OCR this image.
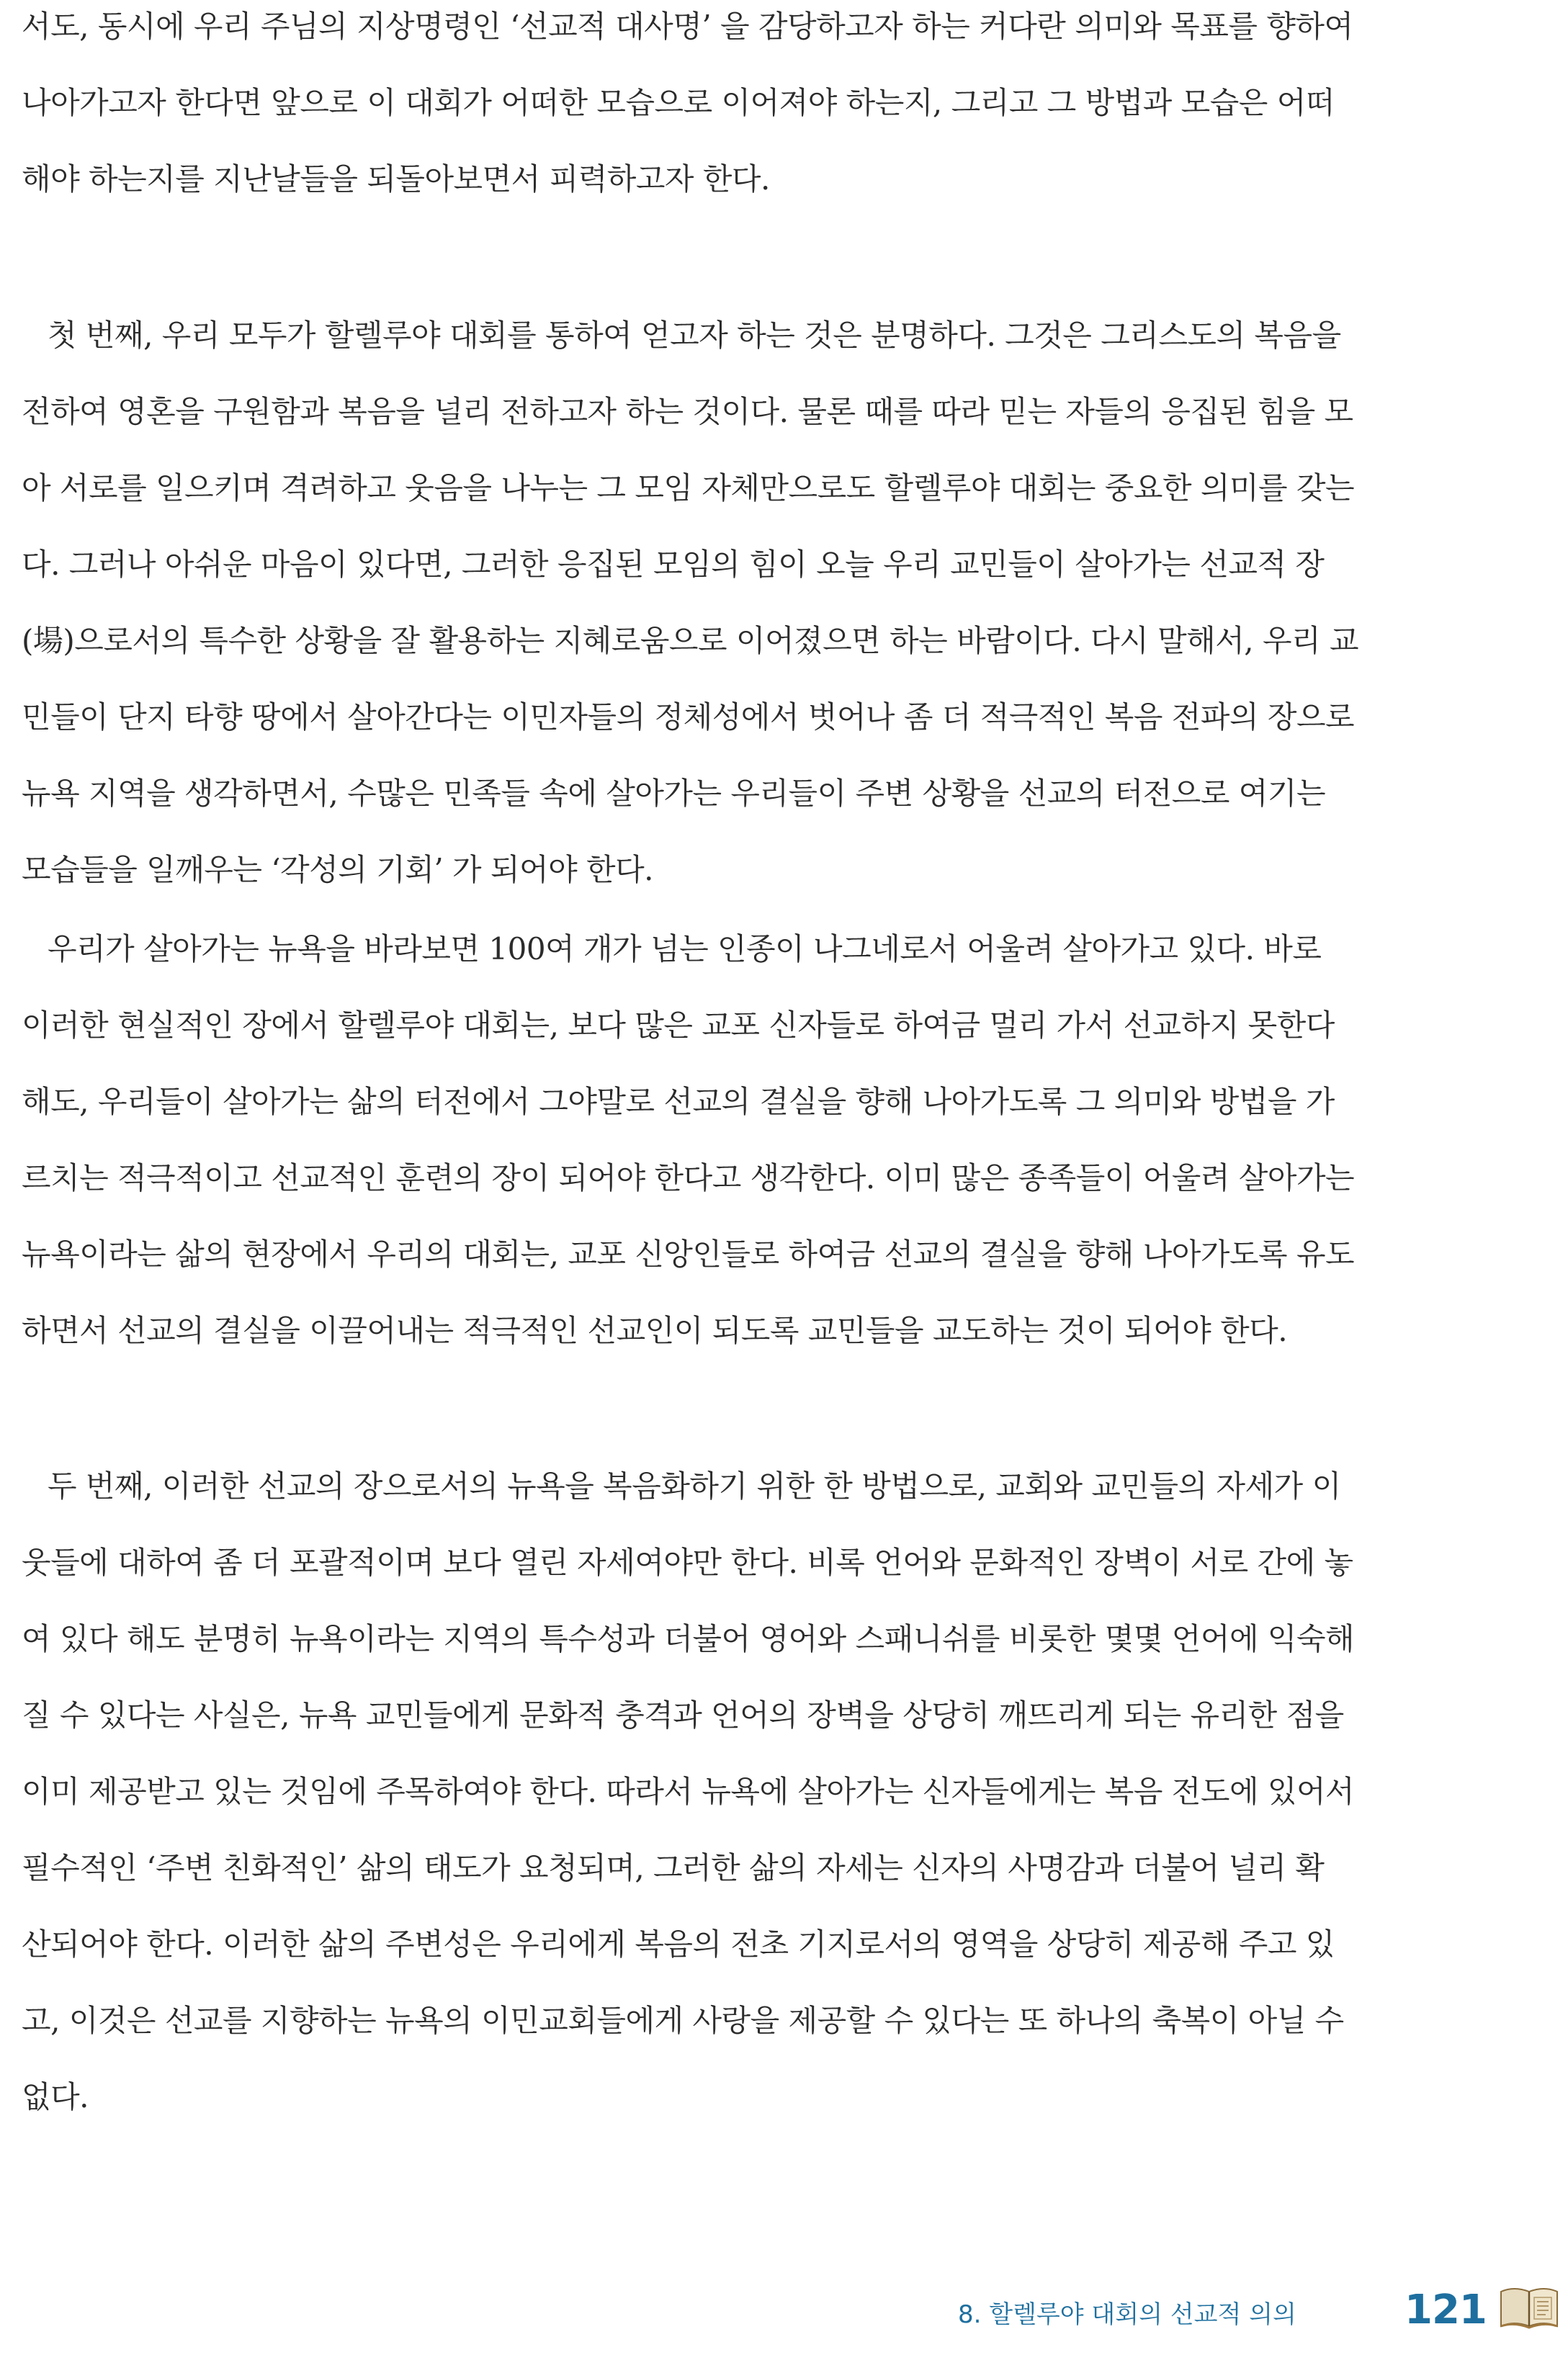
서도, 동시에 우리 주님의 지상명령인 ‘선교적 대사명’ 을 감당하고자 하는 커다란 의미와 목표를 향하여
나아가고자 한다면 앞으로 이 대회가 어떠한 모습으로 이어져야 하는지, 그리고 그 방법과 모습은 어떠
해야 하는지를 지난날들을 되돌아보면서 피력하고자 한다.
첫 번째, 우리 모두가 할렐루야 대회를 통하여 얻고자 하는 것은 분명하다. 그것은 그리스도의 복음을
전하여 영혼을 구원함과 복음을 널리 전하고자 하는 것이다. 물론 때를 따라 믿는 자들의 응집된 힘을 모
아 서로를 일으키며 격려하고 웃음을 나누는 그 모임 자체만으로도 할렐루야 대회는 중요한 의미를 갖는
다. 그러나 아쉬운 마음이 있다면, 그러한 응집된 모임의 힘이 오늘 우리 교민들이 살아가는 선교적 장
(場)으로서의 특수한 상황을 잘 활용하는 지혜로움으로 이어졌으면 하는 바람이다. 다시 말해서, 우리 교
민들이 단지 타향 땅에서 살아간다는 이민자들의 정체성에서 벗어나 좀 더 적극적인 복음 전파의 장으로
뉴욕 지역을 생각하면서, 수많은 민족들 속에 살아가는 우리들이 주변 상황을 선교의 터전으로 여기는
모습들을 일깨우는 ‘각성의 기회’ 가 되어야 한다.
우리가 살아가는 뉴욕을 바라보면 100여 개가 넘는 인종이 나그네로서 어울려 살아가고 있다. 바로
이러한 현실적인 장에서 할렐루야 대회는, 보다 많은 교포 신자들로 하여금 멀리 가서 선교하지 못한다
해도, 우리들이 살아가는 삶의 터전에서 그야말로 선교의 결실을 향해 나아가도록 그 의미와 방법을 가
르치는 적극적이고 선교적인 훈련의 장이 되어야 한다고 생각한다. 이미 많은 종족들이 어울려 살아가는
뉴욕이라는 삶의 현장에서 우리의 대회는, 교포 신앙인들로 하여금 선교의 결실을 향해 나아가도록 유도
하면서 선교의 결실을 이끌어내는 적극적인 선교인이 되도록 교민들을 교도하는 것이 되어야 한다.
두 번째, 이러한 선교의 장으로서의 뉴욕을 복음화하기 위한 한 방법으로, 교회와 교민들의 자세가 이
웃들에 대하여 좀 더 포괄적이며 보다 열린 자세여야만 한다. 비록 언어와 문화적인 장벽이 서로 간에 놓
여 있다 해도 분명히 뉴욕이라는 지역의 특수성과 더불어 영어와 스패니쉬를 비롯한 몇몇 언어에 익숙해
질 수 있다는 사실은, 뉴욕 교민들에게 문화적 충격과 언어의 장벽을 상당히 깨뜨리게 되는 유리한 점을
이미 제공받고 있는 것임에 주목하여야 한다. 따라서 뉴욕에 살아가는 신자들에게는 복음 전도에 있어서
필수적인 ‘주변 친화적인’ 삶의 태도가 요청되며, 그러한 삶의 자세는 신자의 사명감과 더불어 널리 확
산되어야 한다. 이러한 삶의 주변성은 우리에게 복음의 전초 기지로서의 영역을 상당히 제공해 주고 있
고, 이것은 선교를 지향하는 뉴욕의 이민교회들에게 사랑을 제공할 수 있다는 또 하나의 축복이 아닐 수
없다.
8. 할렐루야 대회의 선교적 의의	121
